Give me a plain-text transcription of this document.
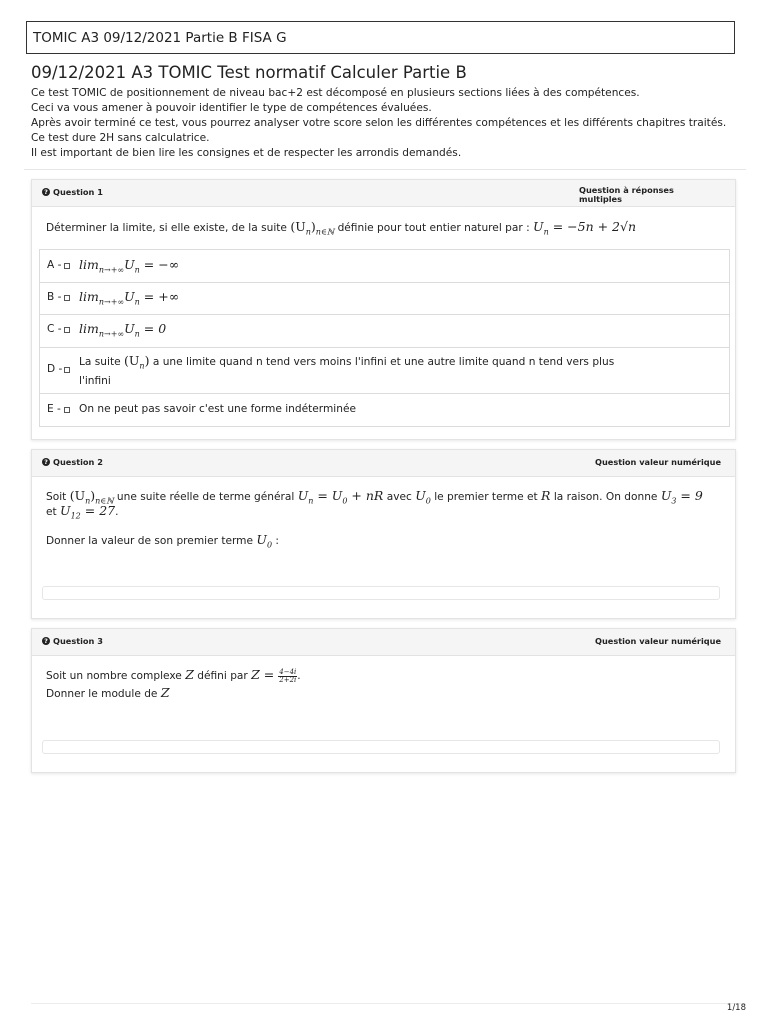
TOMIC A3 09/12/2021 Partie B FISA G
09/12/2021 A3 TOMIC Test normatif Calculer Partie B
Ce test TOMIC de positionnement de niveau bac+2 est décomposé en plusieurs sections liées à des compétences.
Ceci va vous amener à pouvoir identifier le type de compétences évaluées.
Après avoir terminé ce test, vous pourrez analyser votre score selon les différentes compétences et les différents chapitres traités.
Ce test dure 2H sans calculatrice.
Il est important de bien lire les consignes et de respecter les arrondis demandés.
? Question 1	Question à réponses
multiples
Déterminer la limite, si elle existe, de la suite $(U_n)_{n\in ℕ}$ définie pour tout entier naturel par : $U_n = -5n + 2√n$
A - $\lim_{n\to+\infty}U_n$ = −∞
B - $\lim_{n\to+\infty}U_n$ = +∞
$C - \lim_{n\to+\infty}U_n = 0$
D -
La suite $(U_n)$ a une limite quand n tend vers moins l'infini et une autre limite quand n tend vers plus
l'infini
E - On ne peut pas savoir c'est une forme indéterminée
? Question 2	Question valeur numérique
Soit $(U_n)_{n\in ℕ}$ une suite réelle de terme général $U_n = U_0$ + nR avec $U_0$ le premier terme et R la raison. On donne $U_3 = 9$
et $U_{12} = 27$.
Donner la valeur de son premier terme $U_0$ :
? Question 3	Question valeur numérique
Soit un nombre complexe Z défini par $Z = \frac{4-4i}{2+2i}$ .
Donner le module de Z
1/18
